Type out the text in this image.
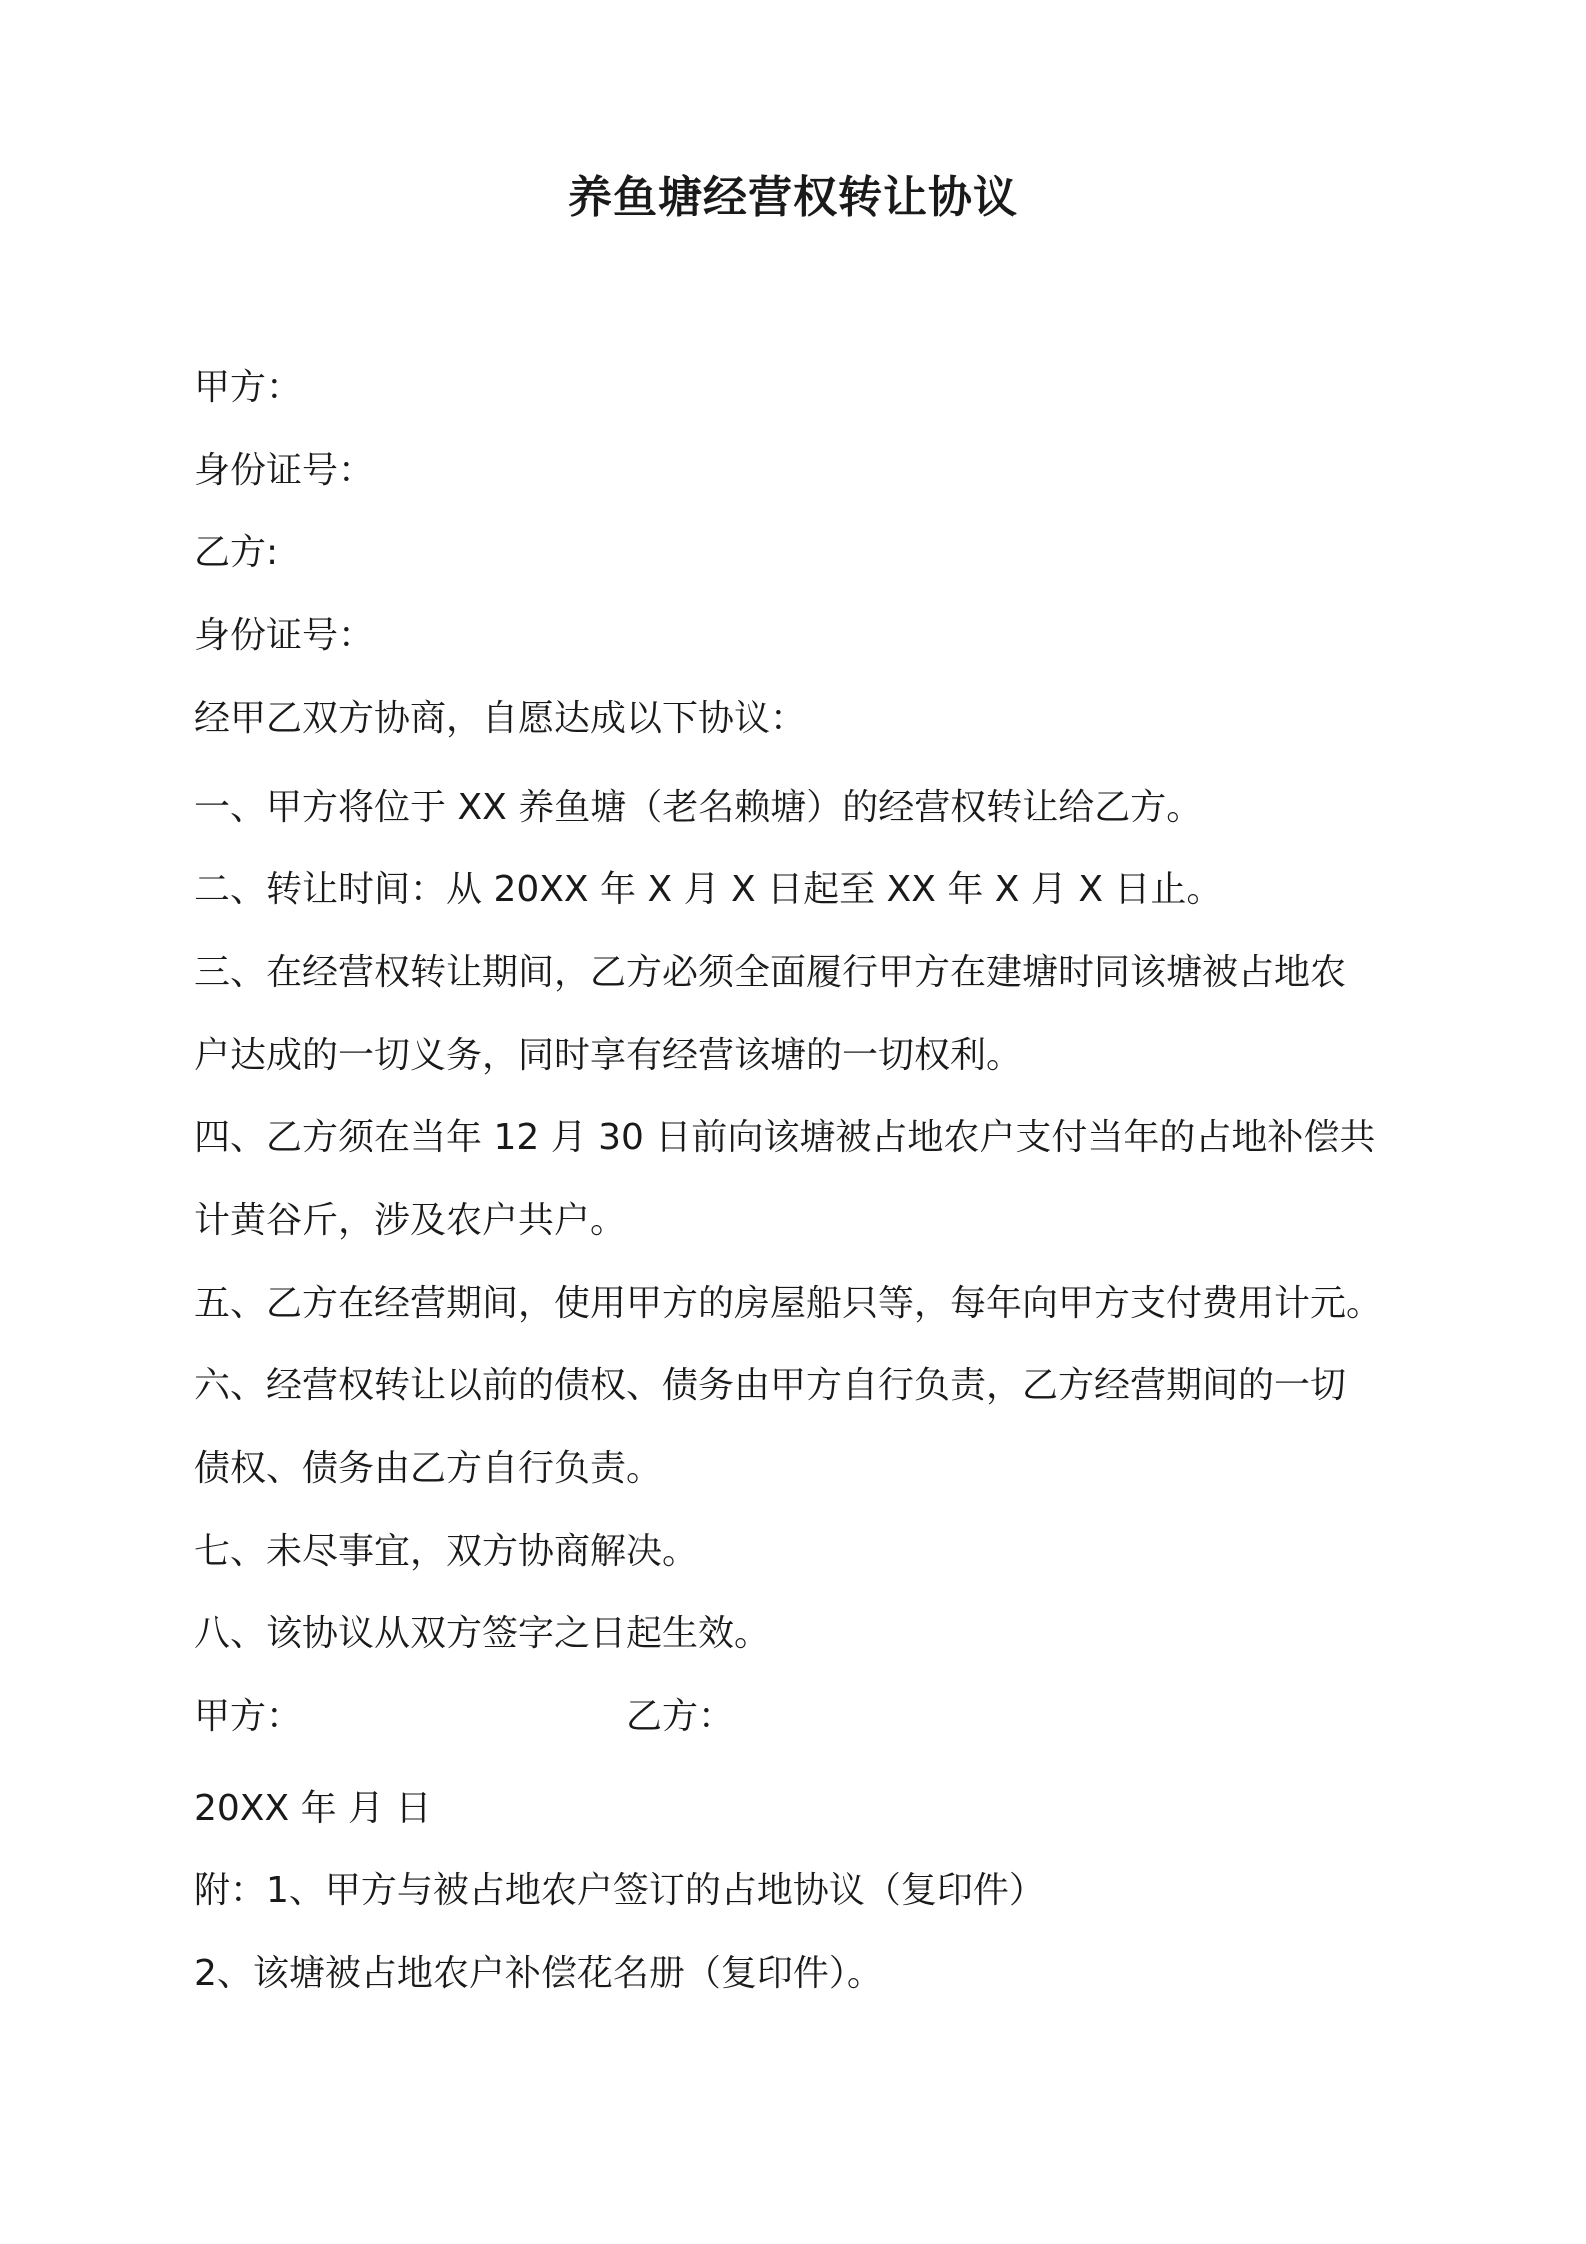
养鱼塘经营权转让协议
甲方：
身份证号：
乙方:
身份证号：
经甲乙双方协商，自愿达成以下协议：
一、甲方将位于 XX 养鱼塘（老名赖塘）的经营权转让给乙方。
二、转让时间：从 20XX 年 X 月 X 日起至 XX 年 X 月 X 日止。
三、在经营权转让期间，乙方必须全面履行甲方在建塘时同该塘被占地农
户达成的一切义务，同时享有经营该塘的一切权利。
四、乙方须在当年 12 月 30 日前向该塘被占地农户支付当年的占地补偿共
计黄谷斤，涉及农户共户。
五、乙方在经营期间，使用甲方的房屋船只等，每年向甲方支付费用计元。
六、经营权转让以前的债权、债务由甲方自行负责，乙方经营期间的一切
债权、债务由乙方自行负责。
七、未尽事宜，双方协商解决。
八、该协议从双方签字之日起生效。
甲方：	乙方：
20XX 年 月 日
附：1、甲方与被占地农户签订的占地协议（复印件）
2、该塘被占地农户补偿花名册（复印件）。
